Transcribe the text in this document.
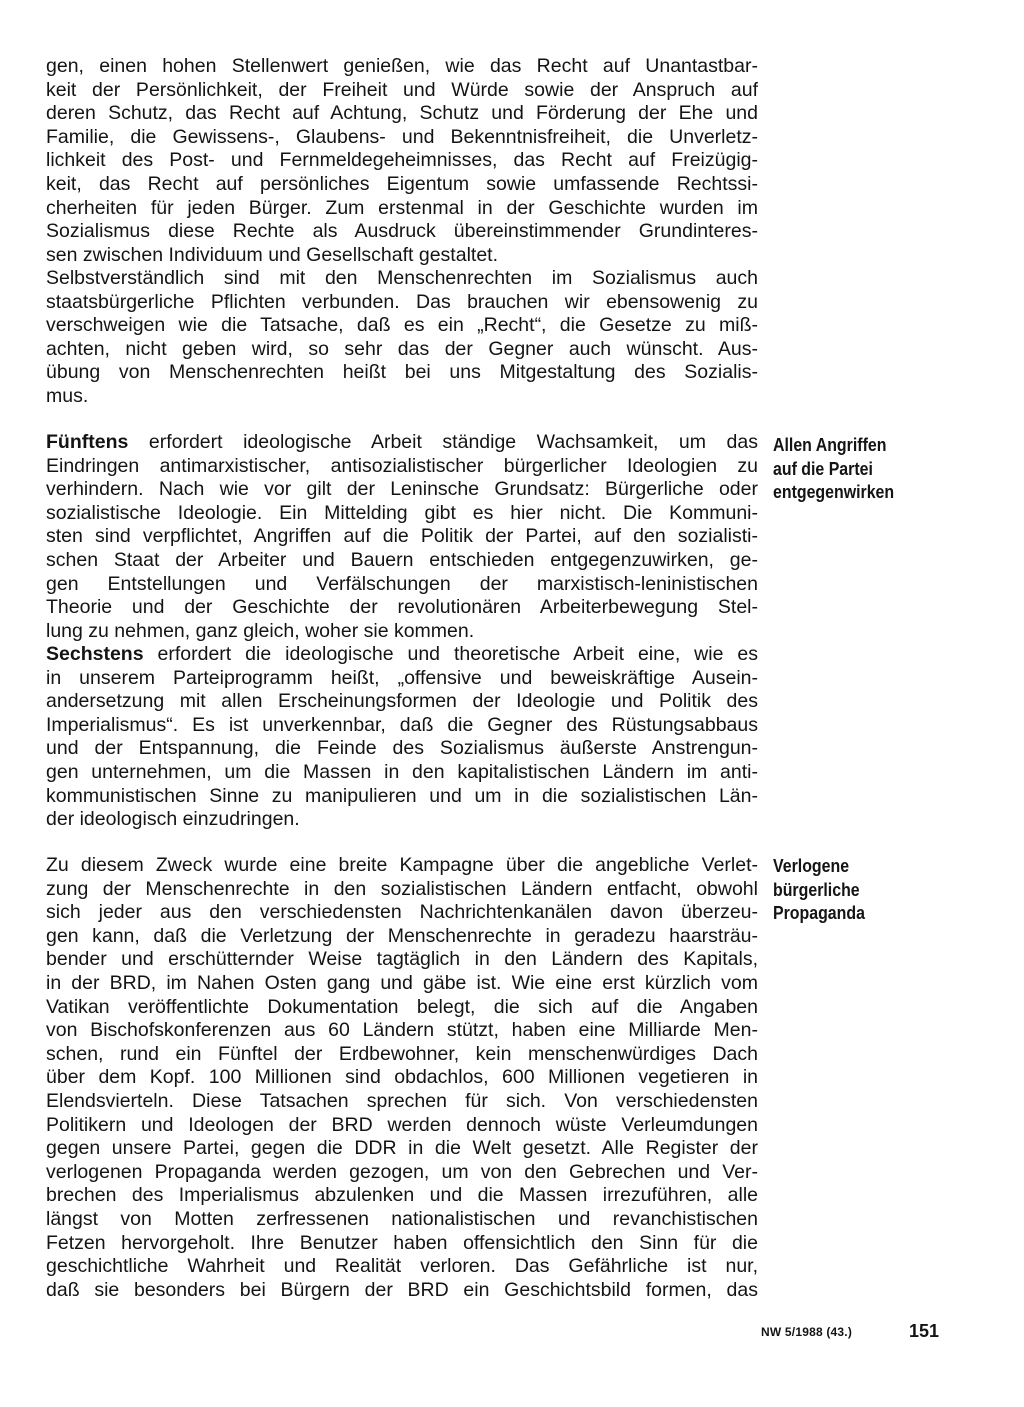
gen, einen hohen Stellenwert genießen, wie das Recht auf Unantastbar-
keit der Persönlichkeit, der Freiheit und Würde sowie der Anspruch auf
deren Schutz, das Recht auf Achtung, Schutz und Förderung der Ehe und
Familie, die Gewissens-, Glaubens- und Bekenntnisfreiheit, die Unverletz-
lichkeit des Post- und Fernmeldegeheimnisses, das Recht auf Freizügig-
keit, das Recht auf persönliches Eigentum sowie umfassende Rechtssi-
cherheiten für jeden Bürger. Zum erstenmal in der Geschichte wurden im
Sozialismus diese Rechte als Ausdruck übereinstimmender Grundinteres-
sen zwischen Individuum und Gesellschaft gestaltet.
Selbstverständlich sind mit den Menschenrechten im Sozialismus auch
staatsbürgerliche Pflichten verbunden. Das brauchen wir ebensowenig zu
verschweigen wie die Tatsache, daß es ein „Recht“, die Gesetze zu miß-
achten, nicht geben wird, so sehr das der Gegner auch wünscht. Aus-
übung von Menschenrechten heißt bei uns Mitgestaltung des Sozialis-
mus.
Fünftens erfordert ideologische Arbeit ständige Wachsamkeit, um das
Eindringen antimarxistischer, antisozialistischer bürgerlicher Ideologien zu
verhindern. Nach wie vor gilt der Leninsche Grundsatz: Bürgerliche oder
sozialistische Ideologie. Ein Mittelding gibt es hier nicht. Die Kommuni-
sten sind verpflichtet, Angriffen auf die Politik der Partei, auf den sozialisti-
schen Staat der Arbeiter und Bauern entschieden entgegenzuwirken, ge-
gen Entstellungen und Verfälschungen der marxistisch-leninistischen
Theorie und der Geschichte der revolutionären Arbeiterbewegung Stel-
lung zu nehmen, ganz gleich, woher sie kommen.
Sechstens erfordert die ideologische und theoretische Arbeit eine, wie es
in unserem Parteiprogramm heißt, „offensive und beweiskräftige Ausein-
andersetzung mit allen Erscheinungsformen der Ideologie und Politik des
Imperialismus“. Es ist unverkennbar, daß die Gegner des Rüstungsabbaus
und der Entspannung, die Feinde des Sozialismus äußerste Anstrengun-
gen unternehmen, um die Massen in den kapitalistischen Ländern im anti-
kommunistischen Sinne zu manipulieren und um in die sozialistischen Län-
der ideologisch einzudringen.
Zu diesem Zweck wurde eine breite Kampagne über die angebliche Verlet-
zung der Menschenrechte in den sozialistischen Ländern entfacht, obwohl
sich jeder aus den verschiedensten Nachrichtenkanälen davon überzeu-
gen kann, daß die Verletzung der Menschenrechte in geradezu haarsträu-
bender und erschütternder Weise tagtäglich in den Ländern des Kapitals,
in der BRD, im Nahen Osten gang und gäbe ist. Wie eine erst kürzlich vom
Vatikan veröffentlichte Dokumentation belegt, die sich auf die Angaben
von Bischofskonferenzen aus 60 Ländern stützt, haben eine Milliarde Men-
schen, rund ein Fünftel der Erdbewohner, kein menschenwürdiges Dach
über dem Kopf. 100 Millionen sind obdachlos, 600 Millionen vegetieren in
Elendsvierteln. Diese Tatsachen sprechen für sich. Von verschiedensten
Politikern und Ideologen der BRD werden dennoch wüste Verleumdungen
gegen unsere Partei, gegen die DDR in die Welt gesetzt. Alle Register der
verlogenen Propaganda werden gezogen, um von den Gebrechen und Ver-
brechen des Imperialismus abzulenken und die Massen irrezuführen, alle
längst von Motten zerfressenen nationalistischen und revanchistischen
Fetzen hervorgeholt. Ihre Benutzer haben offensichtlich den Sinn für die
geschichtliche Wahrheit und Realität verloren. Das Gefährliche ist nur,
daß sie besonders bei Bürgern der BRD ein Geschichtsbild formen, das
Allen Angriffen
auf die Partei
entgegenwirken
Verlogene
bürgerliche
Propaganda
NW 5/1988 (43.)	151
